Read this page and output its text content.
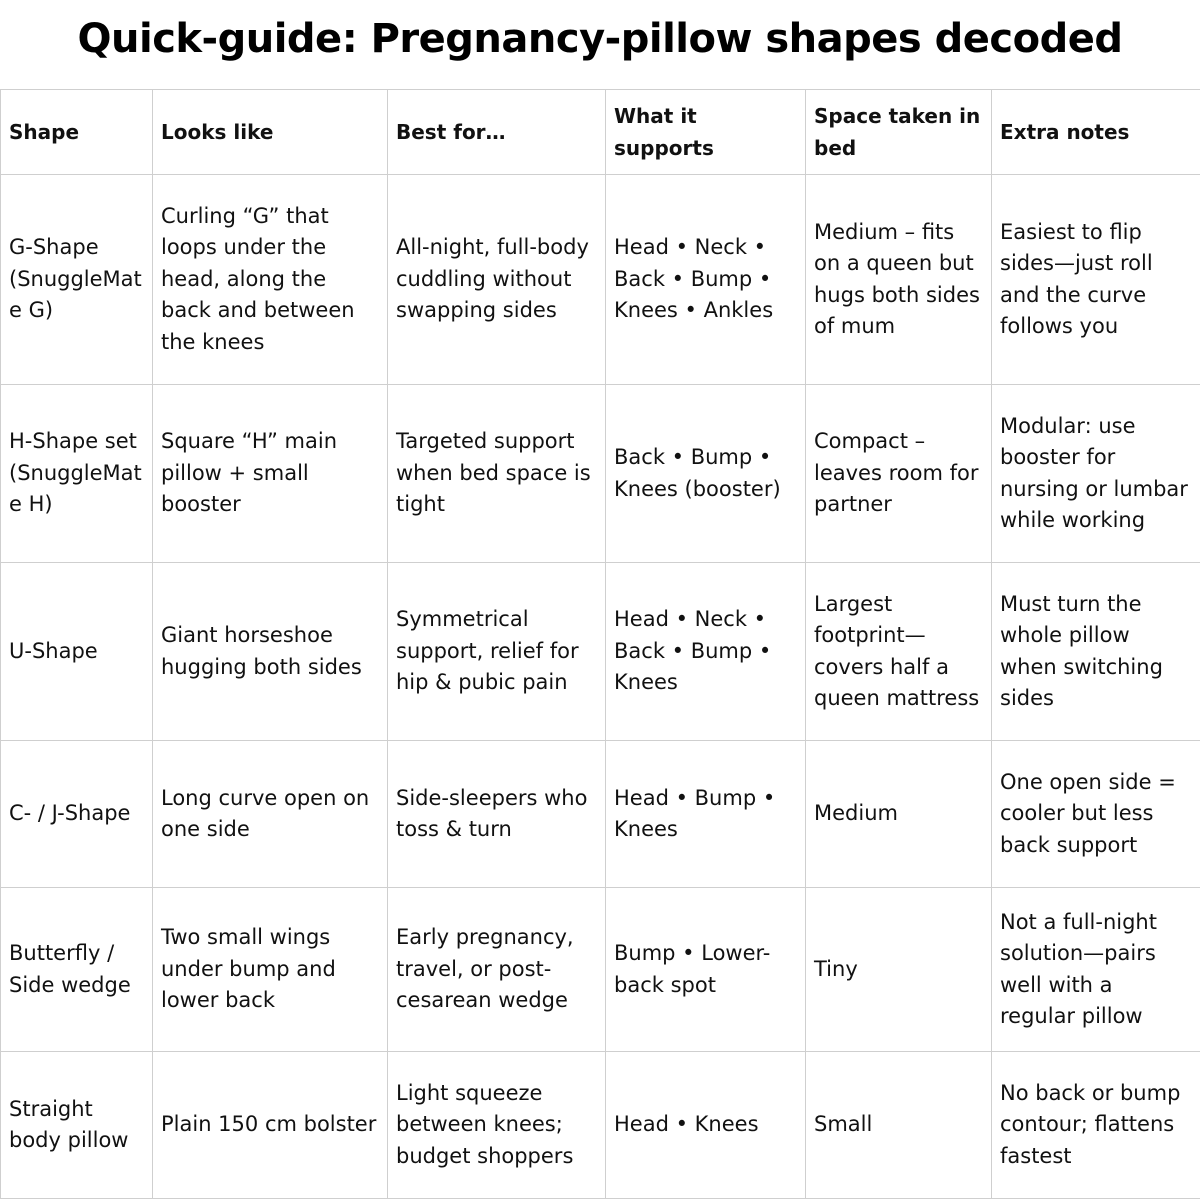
Quick-guide: Pregnancy-pillow shapes decoded
Shape	Looks like	Best for…	What it supports	Space taken in bed	Extra notes
G-Shape (SnuggleMate G)	Curling “G” that loops under the head, along the back and between the knees	All-night, full-body cuddling without swapping sides	Head • Neck • Back • Bump • Knees • Ankles	Medium – fits on a queen but hugs both sides of mum	Easiest to flip sides—just roll and the curve follows you
H-Shape set (SnuggleMate H)	Square “H” main pillow + small booster	Targeted support when bed space is tight	Back • Bump • Knees (booster)	Compact – leaves room for partner	Modular: use booster for nursing or lumbar while working
U-Shape	Giant horseshoe hugging both sides	Symmetrical support, relief for hip & pubic pain	Head • Neck • Back • Bump • Knees	Largest footprint—covers half a queen mattress	Must turn the whole pillow when switching sides
C- / J-Shape	Long curve open on one side	Side-sleepers who toss & turn	Head • Bump • Knees	Medium	One open side = cooler but less back support
Butterfly / Side wedge	Two small wings under bump and lower back	Early pregnancy, travel, or post-cesarean wedge	Bump • Lower-back spot	Tiny	Not a full-night solution—pairs well with a regular pillow
Straight body pillow	Plain 150 cm bolster	Light squeeze between knees; budget shoppers	Head • Knees	Small	No back or bump contour; flattens fastest
